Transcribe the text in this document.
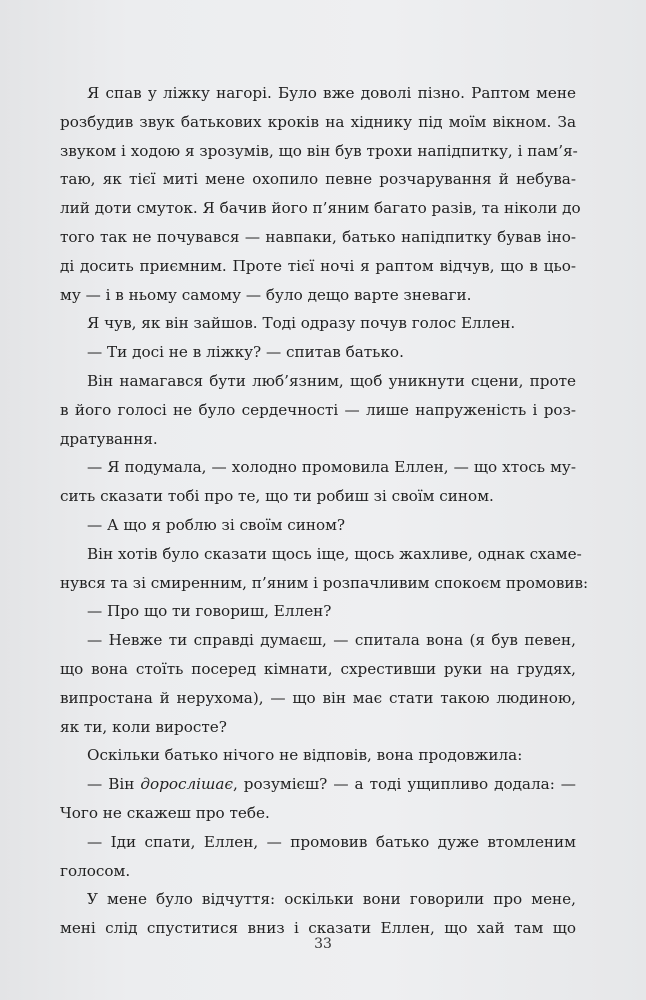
Я спав у ліжку нагорі. Було вже доволі пізно. Раптом мене
розбудив звук батькових кроків на хіднику під моїм вікном. За
звуком і ходою я зрозумів, що він був трохи напідпитку, і пам’я-
таю, як тієї миті мене охопило певне розчарування й небува-
лий доти смуток. Я бачив його п’яним багато разів, та ніколи до
того так не почувався — навпаки, батько напідпитку бував іно-
ді досить приємним. Проте тієї ночі я раптом відчув, що в цьо-
му — і в ньому самому — було дещо варте зневаги.
Я чув, як він зайшов. Тоді одразу почув голос Еллен.
— Ти досі не в ліжку? — спитав батько.
Він намагався бути люб’язним, щоб уникнути сцени, проте
в його голосі не було сердечності — лише напруженість і роз-
дратування.
— Я подумала, — холодно промовила Еллен, — що хтось му-
сить сказати тобі про те, що ти робиш зі своїм сином.
— А що я роблю зі своїм сином?
Він хотів було сказати щось іще, щось жахливе, однак схаме-
нувся та зі смиренним, п’яним і розпачливим спокоєм промовив:
— Про що ти говориш, Еллен?
— Невже ти справді думаєш, — спитала вона (я був певен,
що вона стоїть посеред кімнати, схрестивши руки на грудях,
випростана й нерухома), — що він має стати такою людиною,
як ти, коли виросте?
Оскільки батько нічого не відповів, вона продовжила:
— Він дорослішає, розумієш? — а тоді ущипливо додала: —
Чого не скажеш про тебе.
— Іди спати, Еллен, — промовив батько дуже втомленим
голосом.
У мене було відчуття: оскільки вони говорили про мене,
мені слід спуститися вниз і сказати Еллен, що хай там що
33
